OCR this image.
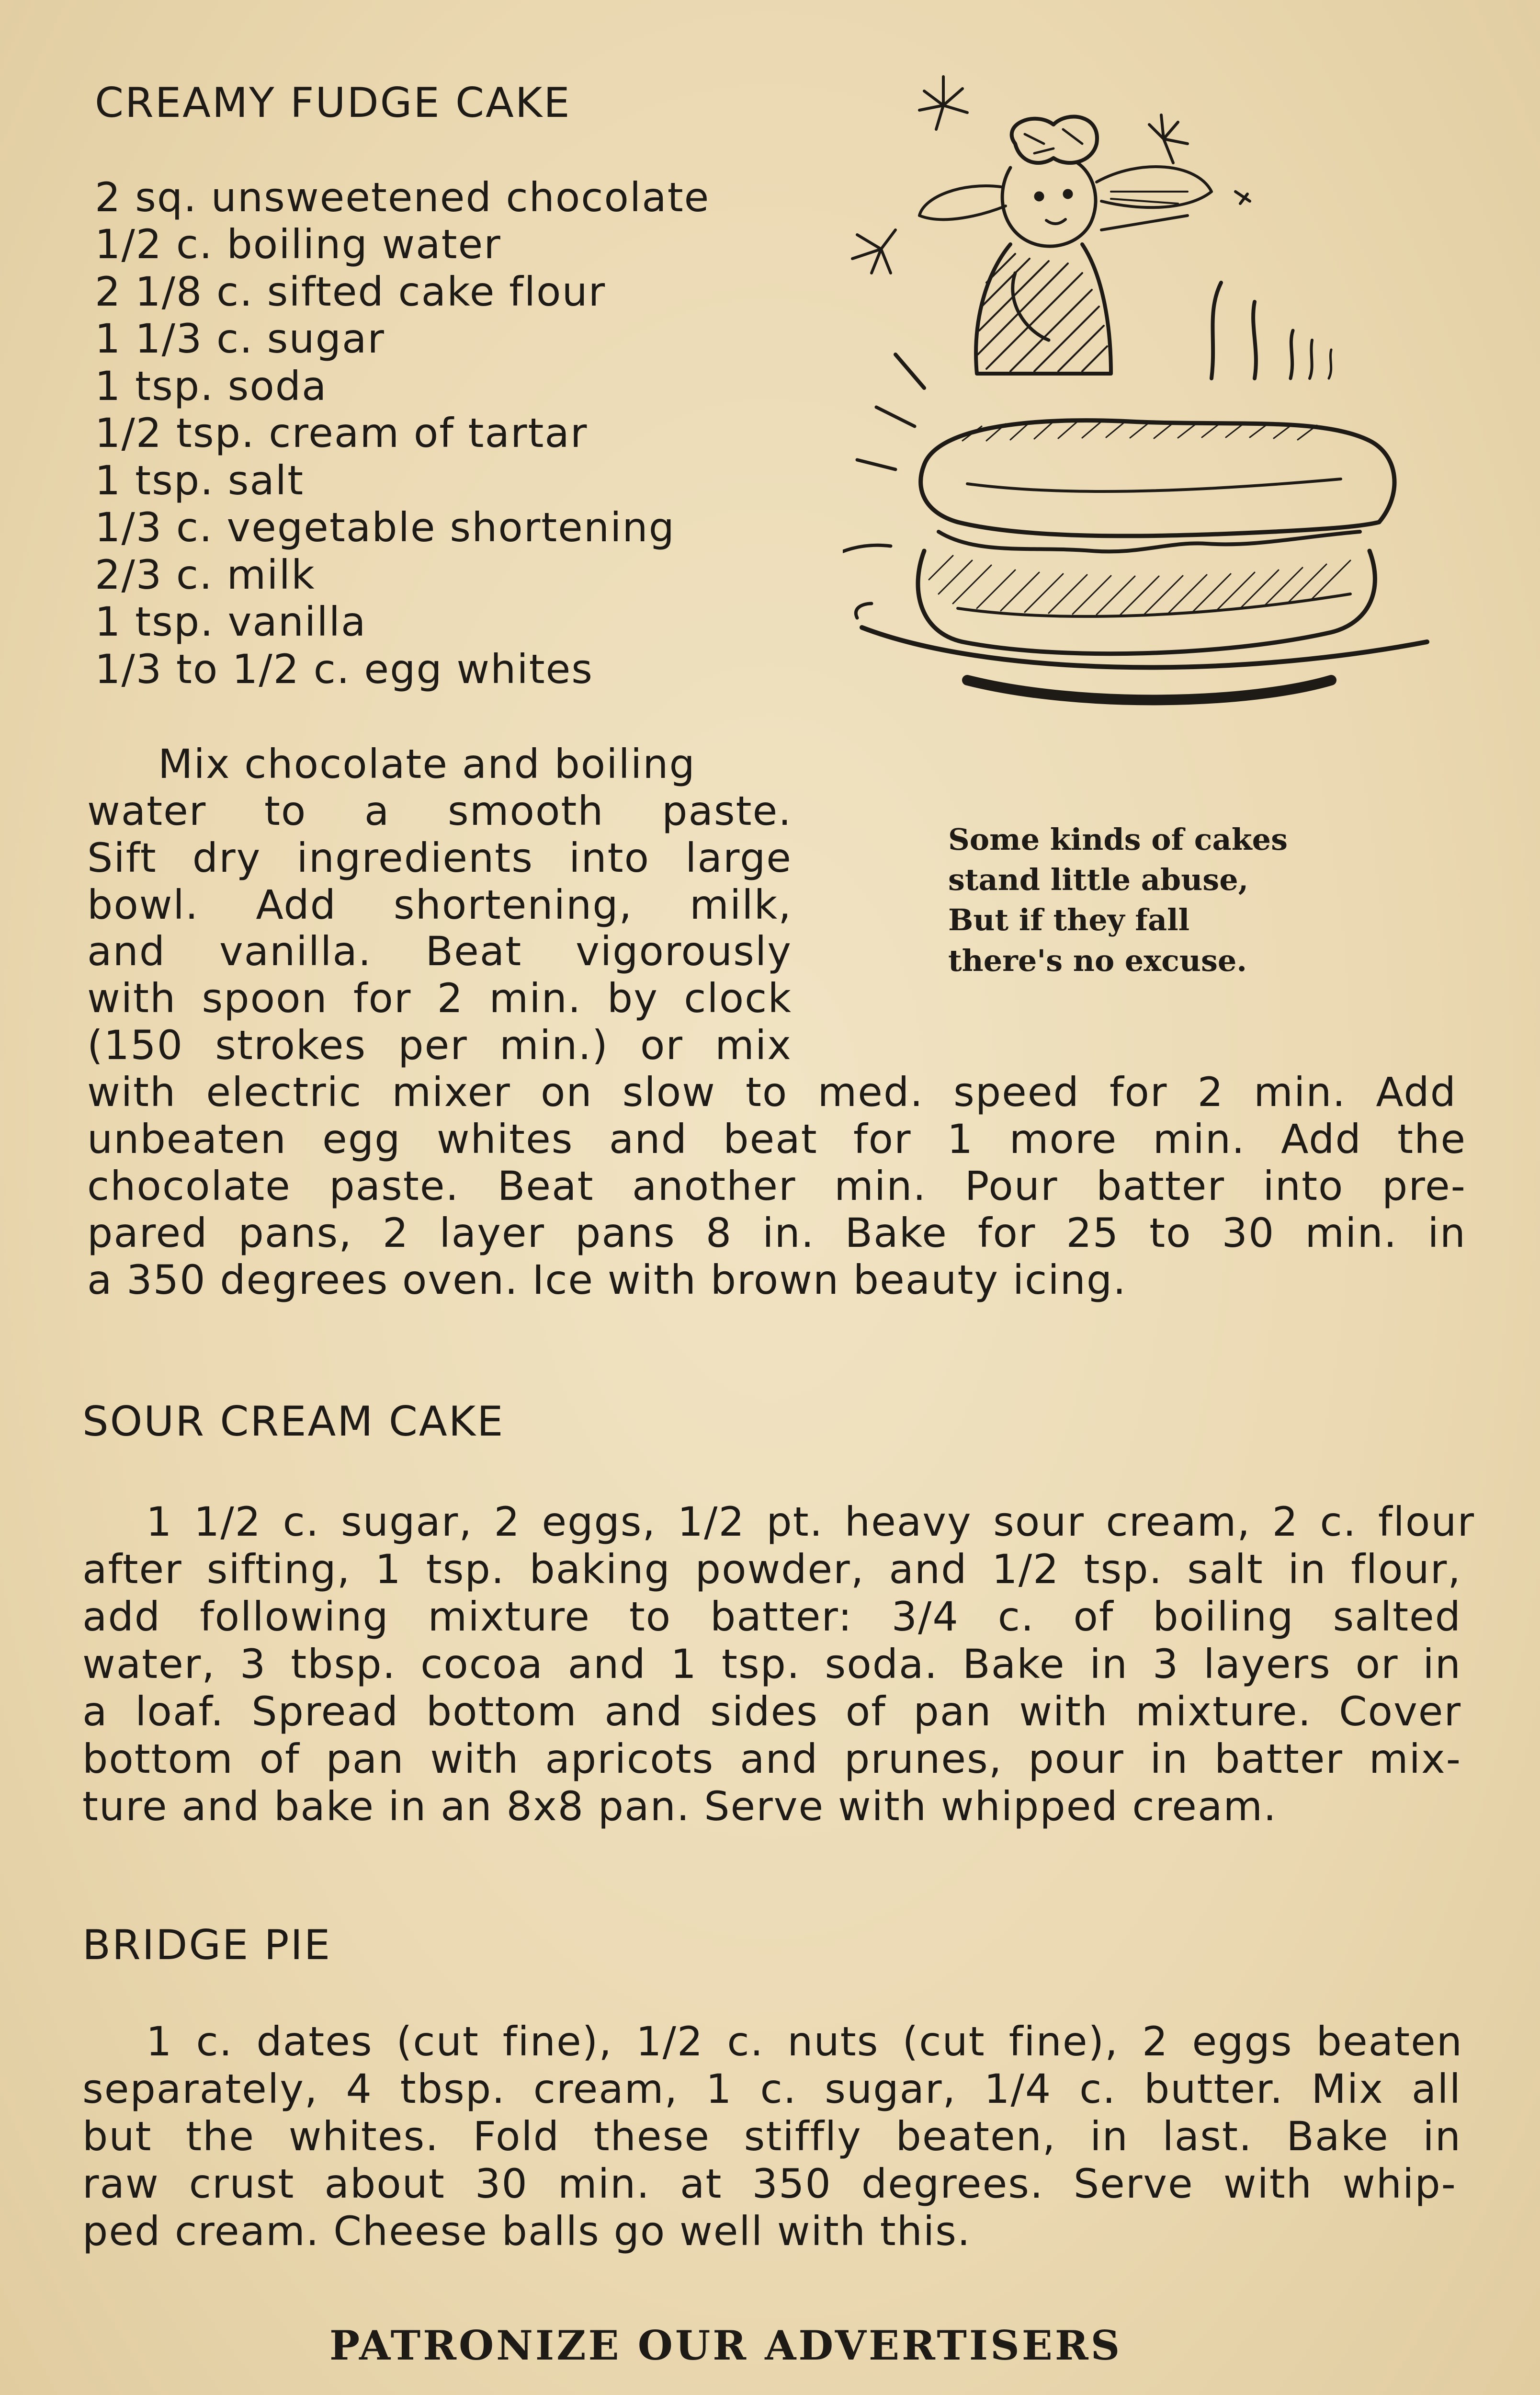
CREAMY FUDGE CAKE
2 sq. unsweetened chocolate
1/2 c. boiling water
2 1/8 c. sifted cake flour
1 1/3 c. sugar
1 tsp. soda
1/2 tsp. cream of tartar
1 tsp. salt
1/3 c. vegetable shortening
2/3 c. milk
1 tsp. vanilla
1/3 to 1/2 c. egg whites
Mix chocolate and boiling
water to a smooth paste.
Sift dry ingredients into large
bowl. Add shortening, milk,
and vanilla. Beat vigorously
with spoon for 2 min. by clock
(150 strokes per min.) or mix
with electric mixer on slow to med. speed for 2 min. Add
unbeaten egg whites and beat for 1 more min. Add the
chocolate paste. Beat another min. Pour batter into pre-
pared pans, 2 layer pans 8 in. Bake for 25 to 30 min. in
a 350 degrees oven. Ice with brown beauty icing.
Some kinds of cakes
stand little abuse,
But if they fall
there's no excuse.
SOUR CREAM CAKE
1 1/2 c. sugar, 2 eggs, 1/2 pt. heavy sour cream, 2 c. flour
after sifting, 1 tsp. baking powder, and 1/2 tsp. salt in flour,
add following mixture to batter: 3/4 c. of boiling salted
water, 3 tbsp. cocoa and 1 tsp. soda. Bake in 3 layers or in
a loaf. Spread bottom and sides of pan with mixture. Cover
bottom of pan with apricots and prunes, pour in batter mix-
ture and bake in an 8x8 pan. Serve with whipped cream.
BRIDGE PIE
1 c. dates (cut fine), 1/2 c. nuts (cut fine), 2 eggs beaten
separately, 4 tbsp. cream, 1 c. sugar, 1/4 c. butter. Mix all
but the whites. Fold these stiffly beaten, in last. Bake in
raw crust about 30 min. at 350 degrees. Serve with whip-
ped cream. Cheese balls go well with this.
PATRONIZE OUR ADVERTISERS
